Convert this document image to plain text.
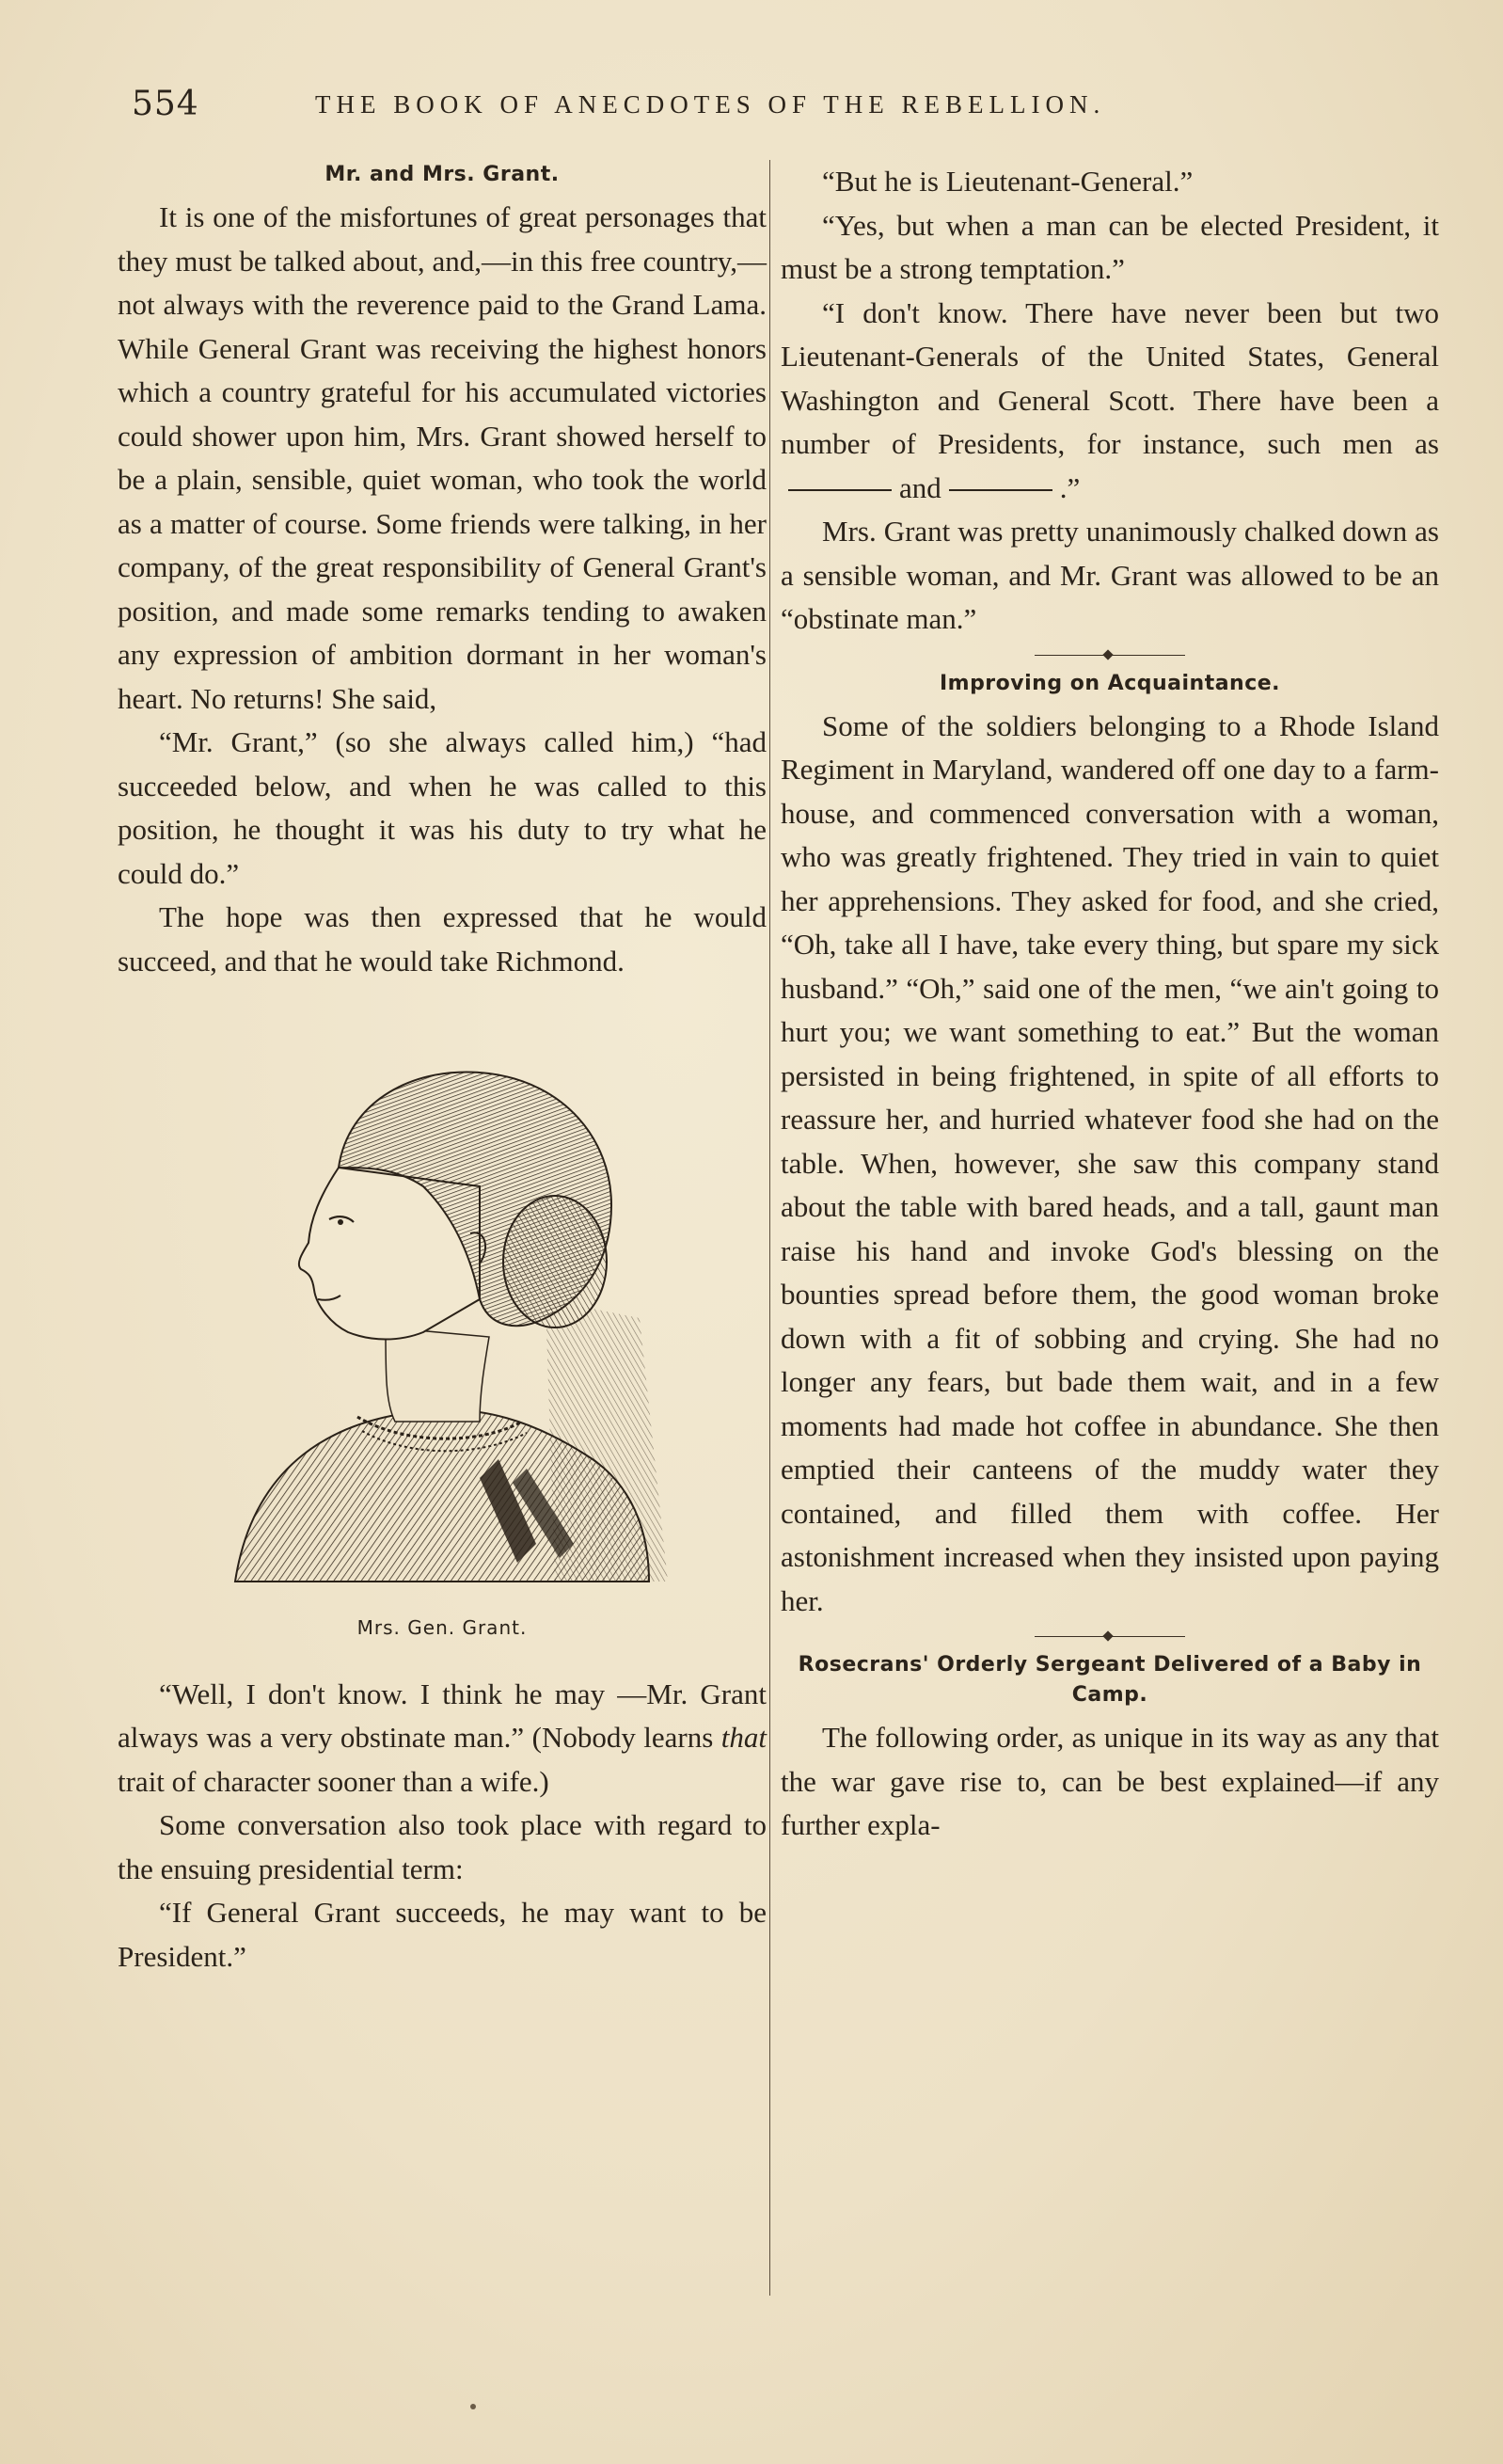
554	THE BOOK OF ANECDOTES OF THE REBELLION.
Mr. and Mrs. Grant.

It is one of the misfortunes of great personages that they must be talked about, and,—in this free country,—not always with the reverence paid to the Grand Lama. While General Grant was receiving the highest honors which a country grateful for his accumulated victories could shower upon him, Mrs. Grant showed herself to be a plain, sensible, quiet woman, who took the world as a matter of course. Some friends were talking, in her company, of the great responsibility of General Grant's position, and made some remarks tending to awaken any expression of ambition dormant in her woman's heart. No returns! She said,

“Mr. Grant,” (so she always called him,) “had succeeded below, and when he was called to this position, he thought it was his duty to try what he could do.”

The hope was then expressed that he would succeed, and that he would take Richmond.

Mrs. Gen. Grant.

“Well, I don't know. I think he may —Mr. Grant always was a very obstinate man.” (Nobody learns that trait of character sooner than a wife.)

Some conversation also took place with regard to the ensuing presidential term:

“If General Grant succeeds, he may want to be President.”

“But he is Lieutenant-General.”

“Yes, but when a man can be elected President, it must be a strong temptation.”

“I don't know. There have never been but two Lieutenant-Generals of the United States, General Washington and General Scott. There have been a number of Presidents, for instance, such men asand	.”

Mrs. Grant was pretty unanimously chalked down as a sensible woman, and Mr. Grant was allowed to be an “obstinate man.”

Improving on Acquaintance.

Some of the soldiers belonging to a Rhode Island Regiment in Maryland, wandered off one day to a farm-house, and commenced conversation with a woman, who was greatly frightened. They tried in vain to quiet her apprehensions. They asked for food, and she cried, “Oh, take all I have, take every thing, but spare my sick husband.” “Oh,” said one of the men, “we ain't going to hurt you; we want something to eat.” But the woman persisted in being frightened, in spite of all efforts to reassure her, and hurried whatever food she had on the table. When, however, she saw this company stand about the table with bared heads, and a tall, gaunt man raise his hand and invoke God's blessing on the bounties spread before them, the good woman broke down with a fit of sobbing and crying. She had no longer any fears, but bade them wait, and in a few moments had made hot coffee in abundance. She then emptied their canteens of the muddy water they contained, and filled them with coffee. Her astonishment increased when they insisted upon paying her.

Rosecrans' Orderly Sergeant Delivered of a Baby in Camp.

The following order, as unique in its way as any that the war gave rise to, can be best explained—if any further expla-
